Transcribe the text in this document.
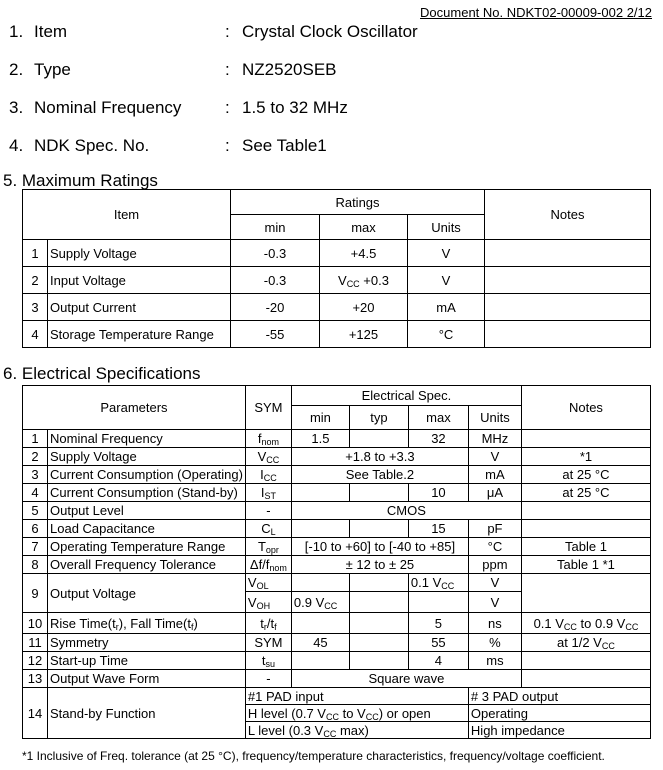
Document No. NDKT02-00009-002 2/12
1. Item	: Crystal Clock Oscillator
2. Type	: NZ2520SEB
3. Nominal Frequency	: 1.5 to 32 MHz
4. NDK Spec. No.	: See Table1
5. Maximum Ratings
Item		Ratings			Notes
		min	max	Units	
1	Supply Voltage	-0.3	+4.5	V	
2	Input Voltage	-0.3	$V_{CC} +0.3$	V	
3	Output Current	-20	+20	mA	
4	Storage Temperature Range	-55	+125	°C	
6. Electrical Specifications
Parameters		SYM	Electrical Spec.				Notes
			min	typ	max	Units	
1	Nominal Frequency	$f_{nom}$	1.5		32	MHz	
2	Supply Voltage	$V_{CC}$	+1.8 to +3.3			V	*1
3	Current Consumption (Operating)	$I_{CC}$	See Table.2			mA	at 25 °C
4	Current Consumption (Stand-by)	$I_{ST}$			10	μA	at 25 °C
5	Output Level	-	CMOS				
6	Load Capacitance	$C_L$			15	pF	
7	Operating Temperature Range	$T_{opr}$	[-10 to +60] to [-40 to +85]			°C	Table 1
8	Overall Frequency Tolerance	$\Delta f/f_{nom}$	± 12 to ± 25			ppm	Table 1 *1
9	Output Voltage	$V_{OL}$			0.1 $V_{CC}$	V	
		$V_{OH}$	0.9 $V_{CC}$			V	
10	Rise $Time(t_r)$, Fall $Time(t_f)$	$t_r/t_f$			5	ns	0.1 $V_{CC}$ to 0.9 $V_{CC}$
11	Symmetry	SYM	45		55	%	at 1/2 $V_{CC}$
12	Start-up Time	$t_{su}$			4	ms	
13	Output Wave Form	-	Square wave				
14	Stand-by Function	#1 PAD input				# 3 PAD output	
		H level (0.7 $V_{CC}$ to $V_{CC}$) or open				Operating	
		L level (0.3 $V_{CC}$ max)				High impedance	
*1 Inclusive of Freq. tolerance (at 25 °C), frequency/temperature characteristics, frequency/voltage coefficient.
